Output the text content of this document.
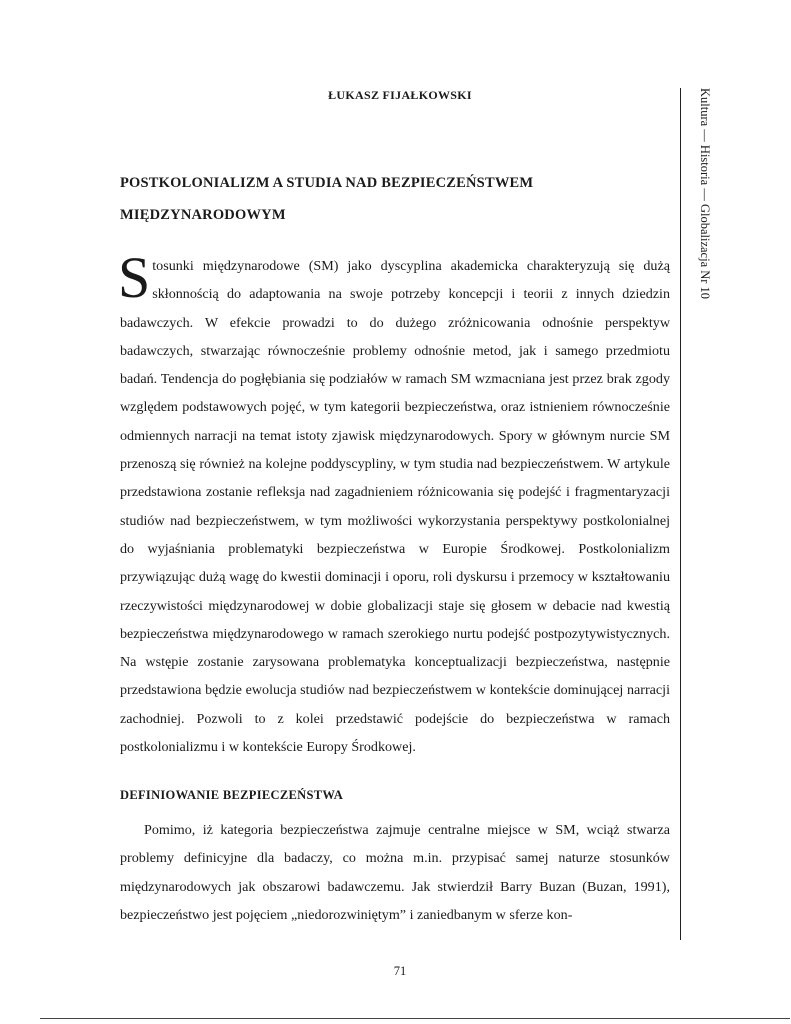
ŁUKASZ FIJAŁKOWSKI
POSTKOLONIALIZM A STUDIA NAD BEZPIECZEŃSTWEM
MIĘDZYNARODOWYM

Stosunki międzynarodowe (SM) jako dyscyplina akademicka charakteryzują się dużą skłonnością do adaptowania na swoje potrzeby koncepcji i teorii z innych dziedzin badawczych. W efekcie prowadzi to do dużego zróżnicowania odnośnie perspektyw badawczych, stwarzając równocześnie problemy odnośnie metod, jak i samego przedmiotu badań. Tendencja do pogłębiania się podziałów w ramach SM wzmacniana jest przez brak zgody względem podstawowych pojęć, w tym kategorii bezpieczeństwa, oraz istnieniem równocześnie odmiennych narracji na temat istoty zjawisk międzynarodowych. Spory w głównym nurcie SM przenoszą się również na kolejne poddyscypliny, w tym studia nad bezpieczeństwem. W artykule przedstawiona zostanie refleksja nad zagadnieniem różnicowania się podejść i fragmentaryzacji studiów nad bezpieczeństwem, w tym możliwości wykorzystania perspektywy postkolonialnej do wyjaśniania problematyki bezpieczeństwa w Europie Środkowej. Postkolonializm przywiązując dużą wagę do kwestii dominacji i oporu, roli dyskursu i przemocy w kształtowaniu rzeczywistości międzynarodowej w dobie globalizacji staje się głosem w debacie nad kwestią bezpieczeństwa międzynarodowego w ramach szerokiego nurtu podejść postpozytywistycznych. Na wstępie zostanie zarysowana problematyka konceptualizacji bezpieczeństwa, następnie przedstawiona będzie ewolucja studiów nad bezpieczeństwem w kontekście dominującej narracji zachodniej. Pozwoli to z kolei przedstawić podejście do bezpieczeństwa w ramach postkolonializmu i w kontekście Europy Środkowej.

DEFINIOWANIE BEZPIECZEŃSTWA

Pomimo, iż kategoria bezpieczeństwa zajmuje centralne miejsce w SM, wciąż stwarza problemy definicyjne dla badaczy, co można m.in. przypisać samej naturze stosunków międzynarodowych jak obszarowi badawczemu. Jak stwierdził Barry Buzan (Buzan, 1991), bezpieczeństwo jest pojęciem „niedorozwiniętym” i zaniedbanym w sferze kon-

Kultura — Historia — Globalizacja Nr 10
71
